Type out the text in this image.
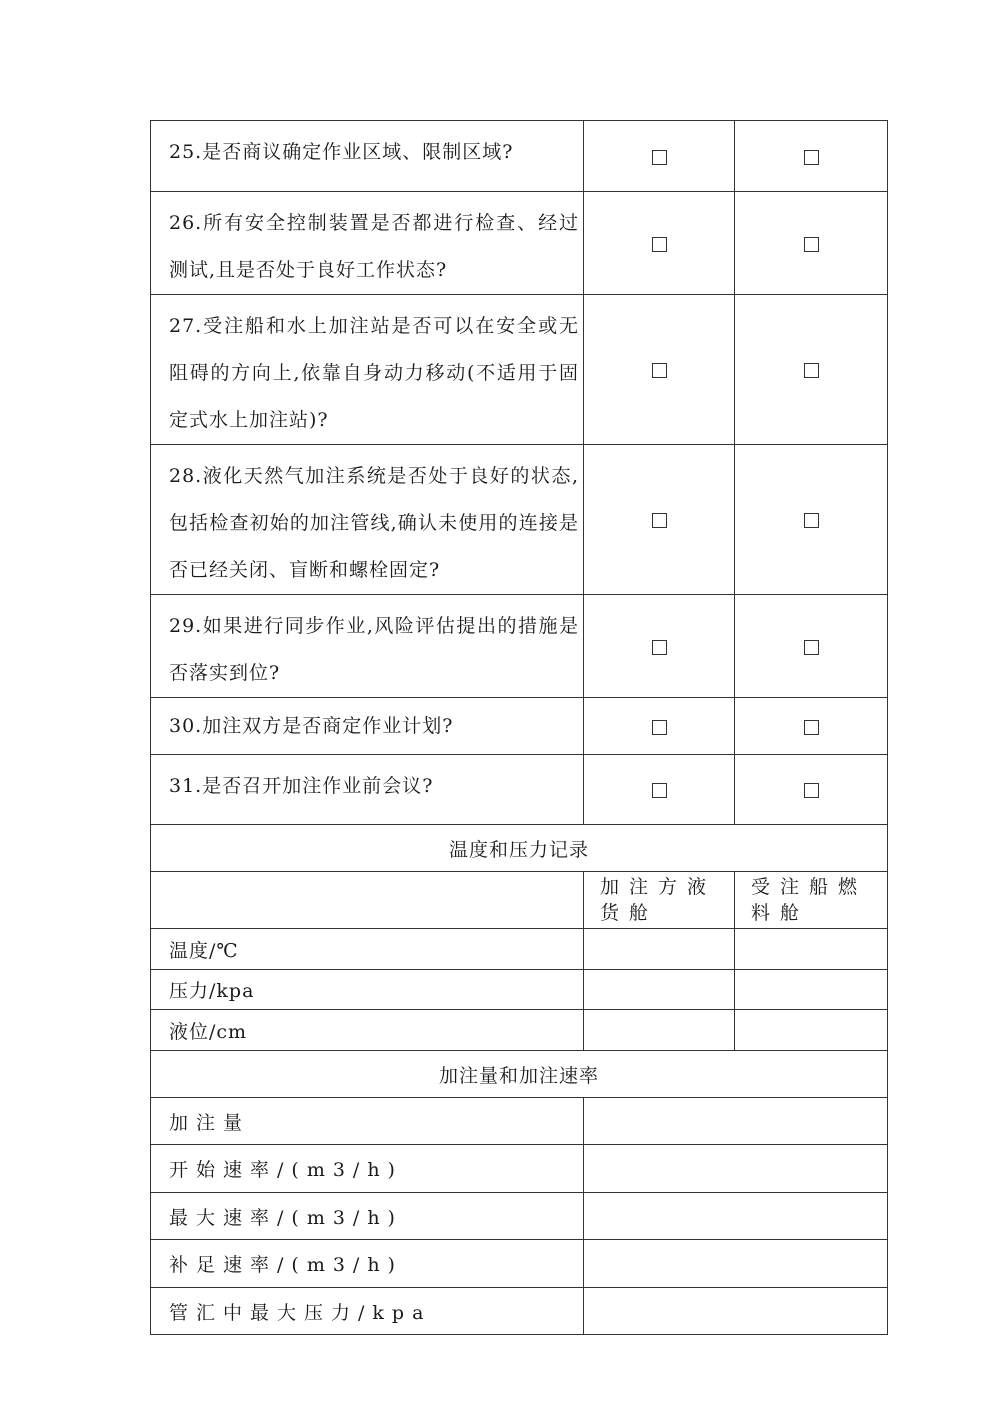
25.是否商议确定作业区域、限制区域?		
26.所有安全控制装置是否都进行检查、经过测试,且是否处于良好工作状态?		
27.受注船和水上加注站是否可以在安全或无阻碍的方向上,依靠自身动力移动(不适用于固定式水上加注站)?		
28.液化天然气加注系统是否处于良好的状态,包括检查初始的加注管线,确认未使用的连接是否已经关闭、盲断和螺栓固定?		
29.如果进行同步作业,风险评估提出的措施是否落实到位?		
30.加注双方是否商定作业计划?		
31.是否召开加注作业前会议?		
温度和压力记录		
	加注方液货舱	受注船燃料舱
温度/℃		
压力/kpa		
液位/cm		
加注量和加注速率		
加注量		
开始速率/(m3/h)		
最大速率/(m3/h)		
补足速率/(m3/h)		
管汇中最大压力/kpa		
